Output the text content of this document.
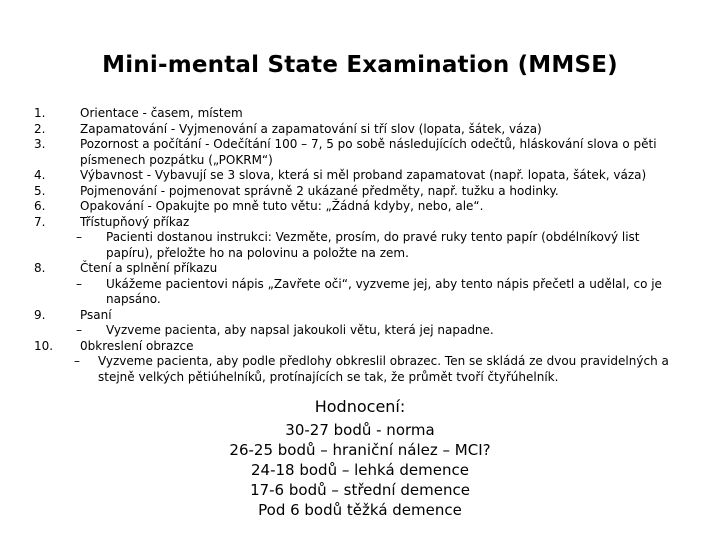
Mini-mental State Examination (MMSE)
1.	Orientace - časem, místem
2.	Zapamatování - Vyjmenování a zapamatování si tří slov (lopata, šátek, váza)
3.	Pozornost a počítání - Odečítání 100 – 7, 5 po sobě následujících odečtů, hláskování slova o pěti písmenech pozpátku („POKRM“)
4.	Výbavnost - Vybavují se 3 slova, která si měl proband zapamatovat (např. lopata, šátek, váza)
5.	Pojmenování - pojmenovat správně 2 ukázané předměty, např. tužku a hodinky.
6.	Opakování - Opakujte po mně tuto větu: „Žádná kdyby, nebo, ale“.
7.	Třístupňový příkaz
–	Pacienti dostanou instrukci: Vezměte, prosím, do pravé ruky tento papír (obdélníkový list papíru), přeložte ho na polovinu a položte na zem.
8.	Čtení a splnění příkazu
–	Ukážeme pacientovi nápis „Zavřete oči“, vyzveme jej, aby tento nápis přečetl a udělal, co je napsáno.
9.	Psaní
–	Vyzveme pacienta, aby napsal jakoukoli větu, která jej napadne.
10.	0bkreslení obrazce
–	Vyzveme pacienta, aby podle předlohy obkreslil obrazec. Ten se skládá ze dvou pravidelných a stejně velkých pětiúhelníků, protínajících se tak, že průmět tvoří čtyřúhelník.
Hodnocení:
30-27 bodů - norma
26-25 bodů – hraniční nález – MCI?
24-18 bodů – lehká demence
17-6 bodů – střední demence
Pod 6 bodů těžká demence
